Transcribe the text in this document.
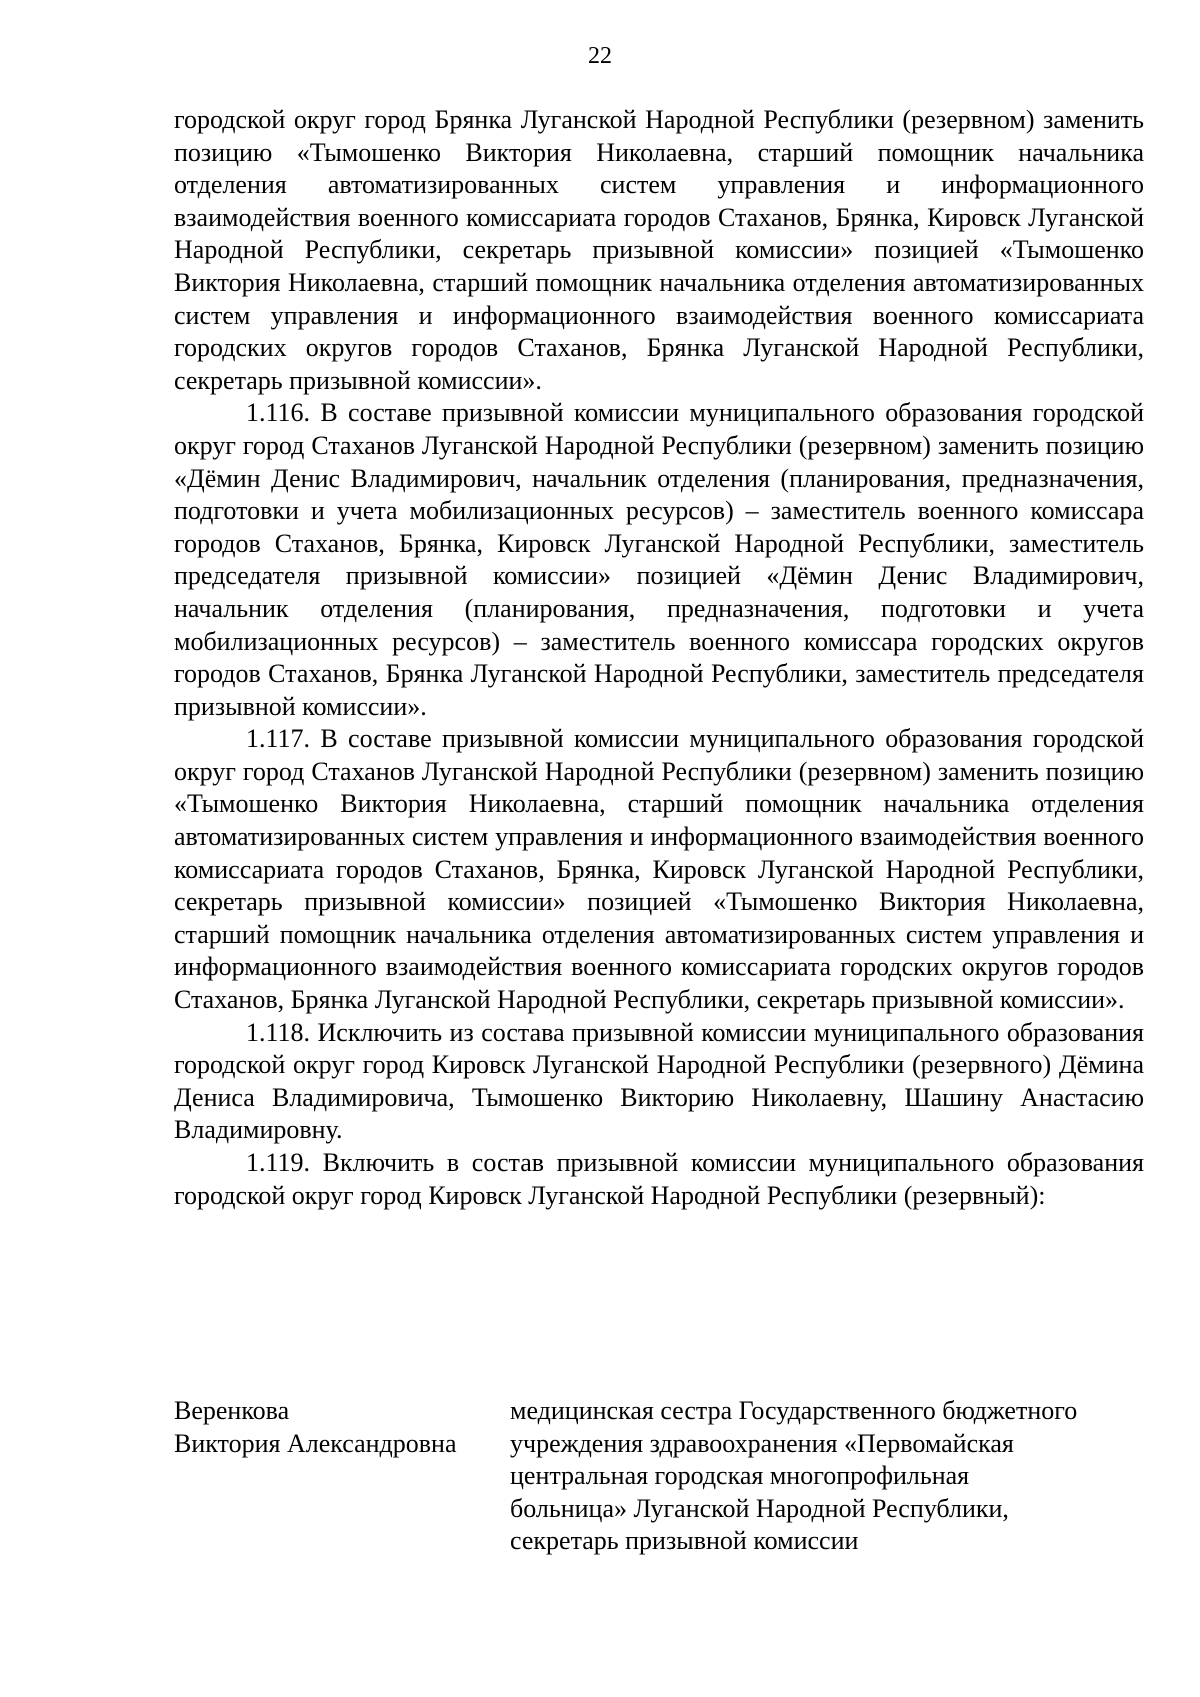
22

городской округ город Брянка Луганской Народной Республики (резервном) заменить позицию «Тымошенко Виктория Николаевна, старший помощник начальника отделения автоматизированных систем управления и информационного взаимодействия военного комиссариата городов Стаханов, Брянка, Кировск Луганской Народной Республики, секретарь призывной комиссии» позицией «Тымошенко Виктория Николаевна, старший помощник начальника отделения автоматизированных систем управления и информационного взаимодействия военного комиссариата городских округов городов Стаханов, Брянка Луганской Народной Республики, секретарь призывной комиссии».

1.116. В составе призывной комиссии муниципального образования городской округ город Стаханов Луганской Народной Республики (резервном) заменить позицию «Дёмин Денис Владимирович, начальник отделения (планирования, предназначения, подготовки и учета мобилизационных ресурсов) – заместитель военного комиссара городов Стаханов, Брянка, Кировск Луганской Народной Республики, заместитель председателя призывной комиссии» позицией «Дёмин Денис Владимирович, начальник отделения (планирования, предназначения, подготовки и учета мобилизационных ресурсов) – заместитель военного комиссара городских округов городов Стаханов, Брянка Луганской Народной Республики, заместитель председателя призывной комиссии».

1.117. В составе призывной комиссии муниципального образования городской округ город Стаханов Луганской Народной Республики (резервном) заменить позицию «Тымошенко Виктория Николаевна, старший помощник начальника отделения автоматизированных систем управления и информационного взаимодействия военного комиссариата городов Стаханов, Брянка, Кировск Луганской Народной Республики, секретарь призывной комиссии» позицией «Тымошенко Виктория Николаевна, старший помощник начальника отделения автоматизированных систем управления и информационного взаимодействия военного комиссариата городских округов городов Стаханов, Брянка Луганской Народной Республики, секретарь призывной комиссии».

1.118. Исключить из состава призывной комиссии муниципального образования городской округ город Кировск Луганской Народной Республики (резервного) Дёмина Дениса Владимировича, Тымошенко Викторию Николаевну, Шашину Анастасию Владимировну.

1.119. Включить в состав призывной комиссии муниципального образования городской округ город Кировск Луганской Народной Республики (резервный):

Веренкова
Виктория Александровна
медицинская сестра Государственного бюджетного
учреждения здравоохранения «Первомайская
центральная городская многопрофильная
больница» Луганской Народной Республики,
секретарь призывной комиссии
